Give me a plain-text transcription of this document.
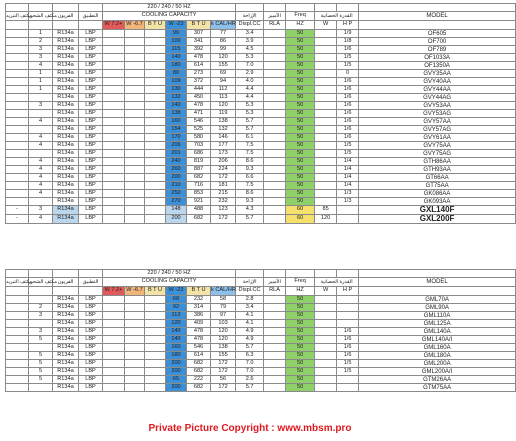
				220 / 240 / 50 HZ											
مكثف التبريد	مكثف الشحن	الفريون	التطبيق	COOLING CAPACITY						الإزاحة	الأمبير	Freq	القدرة الحصانية		MODEL
				W 7.2+	W -6.7	B T U	W -23	B T U	k CAL/HR	Displ.CC	RLA	HZ	W	H P	
	1	R134a	LBP				90	307	77	3.4		50		1/9	OF605
	2	R134a	LBP				100	341	86	3.9		50		1/8	OF700
	3	R134a	LBP				115	392	99	4.5		50		1/6	OF789
	3	R134a	LBP				140	478	120	5.3		50		1/5	OF1033A
	4	R134a	LBP				180	614	155	7.0		50		1/5	OF1350A
	1	R134a	LBP				80	273	69	2.9		50		0	GVY35AA
	1	R134a	LBP				109	372	94	4.0		50		1/6	GVY40AA
	1	R134a	LBP				130	444	112	4.4		50		1/6	GVY44AA
		R134a	LBP				132	450	113	4.4		50		1/6	GVY44AG
	3	R134a	LBP				140	478	120	5.3		50		1/6	GVY53AA
		R134a	LBP				138	471	119	5.3		50		1/6	GVY53AG
	4	R134a	LBP				160	546	138	5.7		50		1/6	GVY57AA
		R134a	LBP				154	525	132	5.7		50		1/6	GVY57AG
	4	R134a	LBP				170	580	146	6.1		50		1/6	GVY61AA
	4	R134a	LBP				206	703	177	7.5		50		1/5	GVY75AA
		R134a	LBP				201	686	173	7.5		50		1/5	GVY75AG
	4	R134a	LBP				240	819	206	8.6		50		1/4	GTH86AA
	4	R134a	LBP				260	887	224	9.3		50		1/4	GTH93AA
	4	R134a	LBP				200	682	172	6.6		50		1/4	GT66AA
	4	R134a	LBP				210	716	181	7.5		50		1/4	GT75AA
	4	R134a	LBP				250	853	215	8.6		50		1/3	GK086AA
		R134a	LBP				270	921	232	9.3		50		1/3	GK093AA
-	3	R134a	LBP				148	488	123	4.3		60	85		GXL140F
-	4	R134a	LBP				200	682	172	5.7		60	120		GXL200F
				220 / 240 / 50 HZ											
مكثف التبريد	مكثف الشحن	الفريون	التطبيق	COOLING CAPACITY						الإزاحة	الأمبير	Freq	القدرة الحصانية		MODEL
				W 7.2+	W -6.7	B T U	W -23	B T U	k CAL/HR	Displ.CC	RLA	HZ	W	H P	
		R134a	LBP				68	232	58	2.8		50			GML70A
	2	R134a	LBP				92	314	79	3.4		50			GML90A
	3	R134a	LBP				113	386	97	4.1		50			GML110A
		R134a	LBP				120	409	103	4.1		50			GML125A
	3	R134a	LBP				140	478	120	4.9		50		1/6	GML140A
	5	R134a	LBP				140	478	120	4.9		50		1/6	GML140A/I
		R134a	LBP				160	546	138	5.7		50		1/6	GML160A
	5	R134a	LBP				180	614	155	6.3		50		1/6	GML180A
	5	R134a	LBP				200	682	172	7.0		50		1/5	GML200A
	5	R134a	LBP				200	682	172	7.0		50		1/5	GML200A/I
	5	R134a	LBP				65	222	56	2.6		50			GTM26AA
		R134a	LBP				200	682	172	5.7		50			GTM75AA
Private Picture Copyright : www.mbsm.pro
